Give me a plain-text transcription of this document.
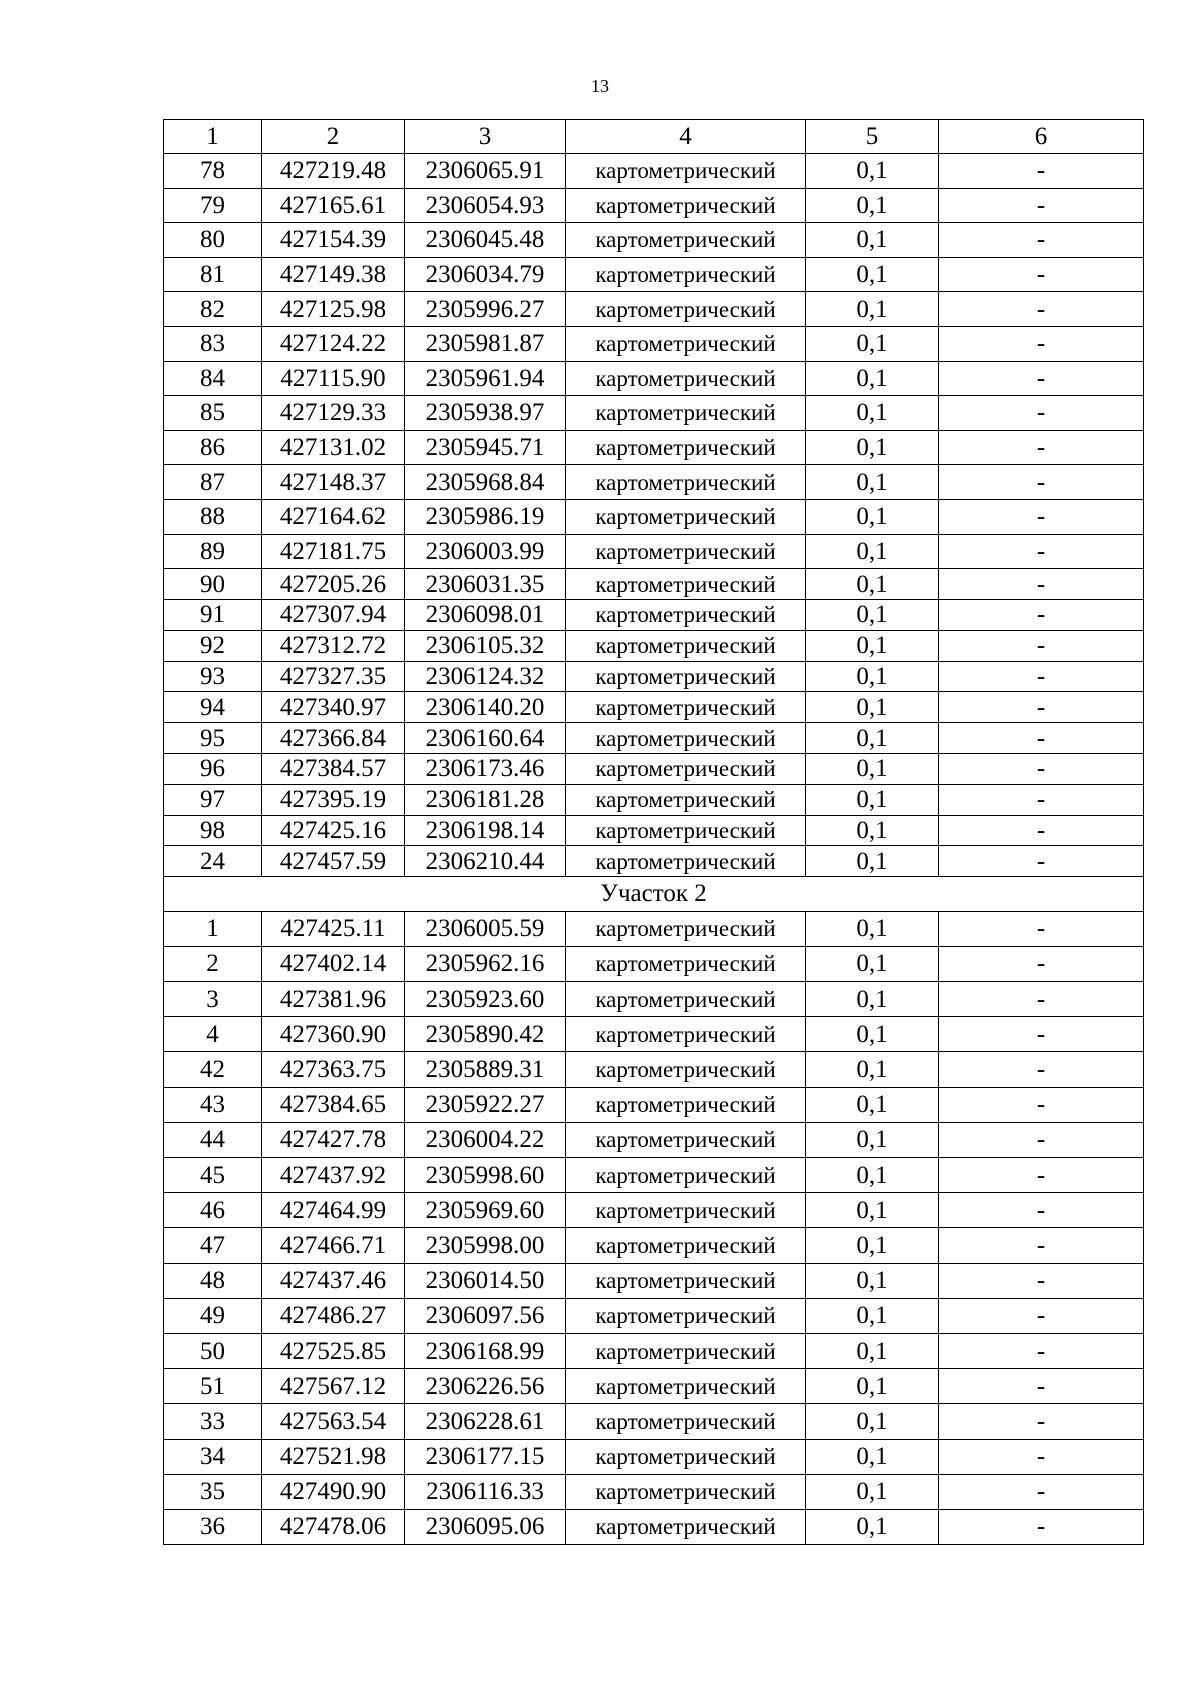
13
1	2	3	4	5	6
78	427219.48	2306065.91	картометрический	0,1	-
79	427165.61	2306054.93	картометрический	0,1	-
80	427154.39	2306045.48	картометрический	0,1	-
81	427149.38	2306034.79	картометрический	0,1	-
82	427125.98	2305996.27	картометрический	0,1	-
83	427124.22	2305981.87	картометрический	0,1	-
84	427115.90	2305961.94	картометрический	0,1	-
85	427129.33	2305938.97	картометрический	0,1	-
86	427131.02	2305945.71	картометрический	0,1	-
87	427148.37	2305968.84	картометрический	0,1	-
88	427164.62	2305986.19	картометрический	0,1	-
89	427181.75	2306003.99	картометрический	0,1	-
90	427205.26	2306031.35	картометрический	0,1	-
91	427307.94	2306098.01	картометрический	0,1	-
92	427312.72	2306105.32	картометрический	0,1	-
93	427327.35	2306124.32	картометрический	0,1	-
94	427340.97	2306140.20	картометрический	0,1	-
95	427366.84	2306160.64	картометрический	0,1	-
96	427384.57	2306173.46	картометрический	0,1	-
97	427395.19	2306181.28	картометрический	0,1	-
98	427425.16	2306198.14	картометрический	0,1	-
24	427457.59	2306210.44	картометрический	0,1	-
Участок 2					
1	427425.11	2306005.59	картометрический	0,1	-
2	427402.14	2305962.16	картометрический	0,1	-
3	427381.96	2305923.60	картометрический	0,1	-
4	427360.90	2305890.42	картометрический	0,1	-
42	427363.75	2305889.31	картометрический	0,1	-
43	427384.65	2305922.27	картометрический	0,1	-
44	427427.78	2306004.22	картометрический	0,1	-
45	427437.92	2305998.60	картометрический	0,1	-
46	427464.99	2305969.60	картометрический	0,1	-
47	427466.71	2305998.00	картометрический	0,1	-
48	427437.46	2306014.50	картометрический	0,1	-
49	427486.27	2306097.56	картометрический	0,1	-
50	427525.85	2306168.99	картометрический	0,1	-
51	427567.12	2306226.56	картометрический	0,1	-
33	427563.54	2306228.61	картометрический	0,1	-
34	427521.98	2306177.15	картометрический	0,1	-
35	427490.90	2306116.33	картометрический	0,1	-
36	427478.06	2306095.06	картометрический	0,1	-
